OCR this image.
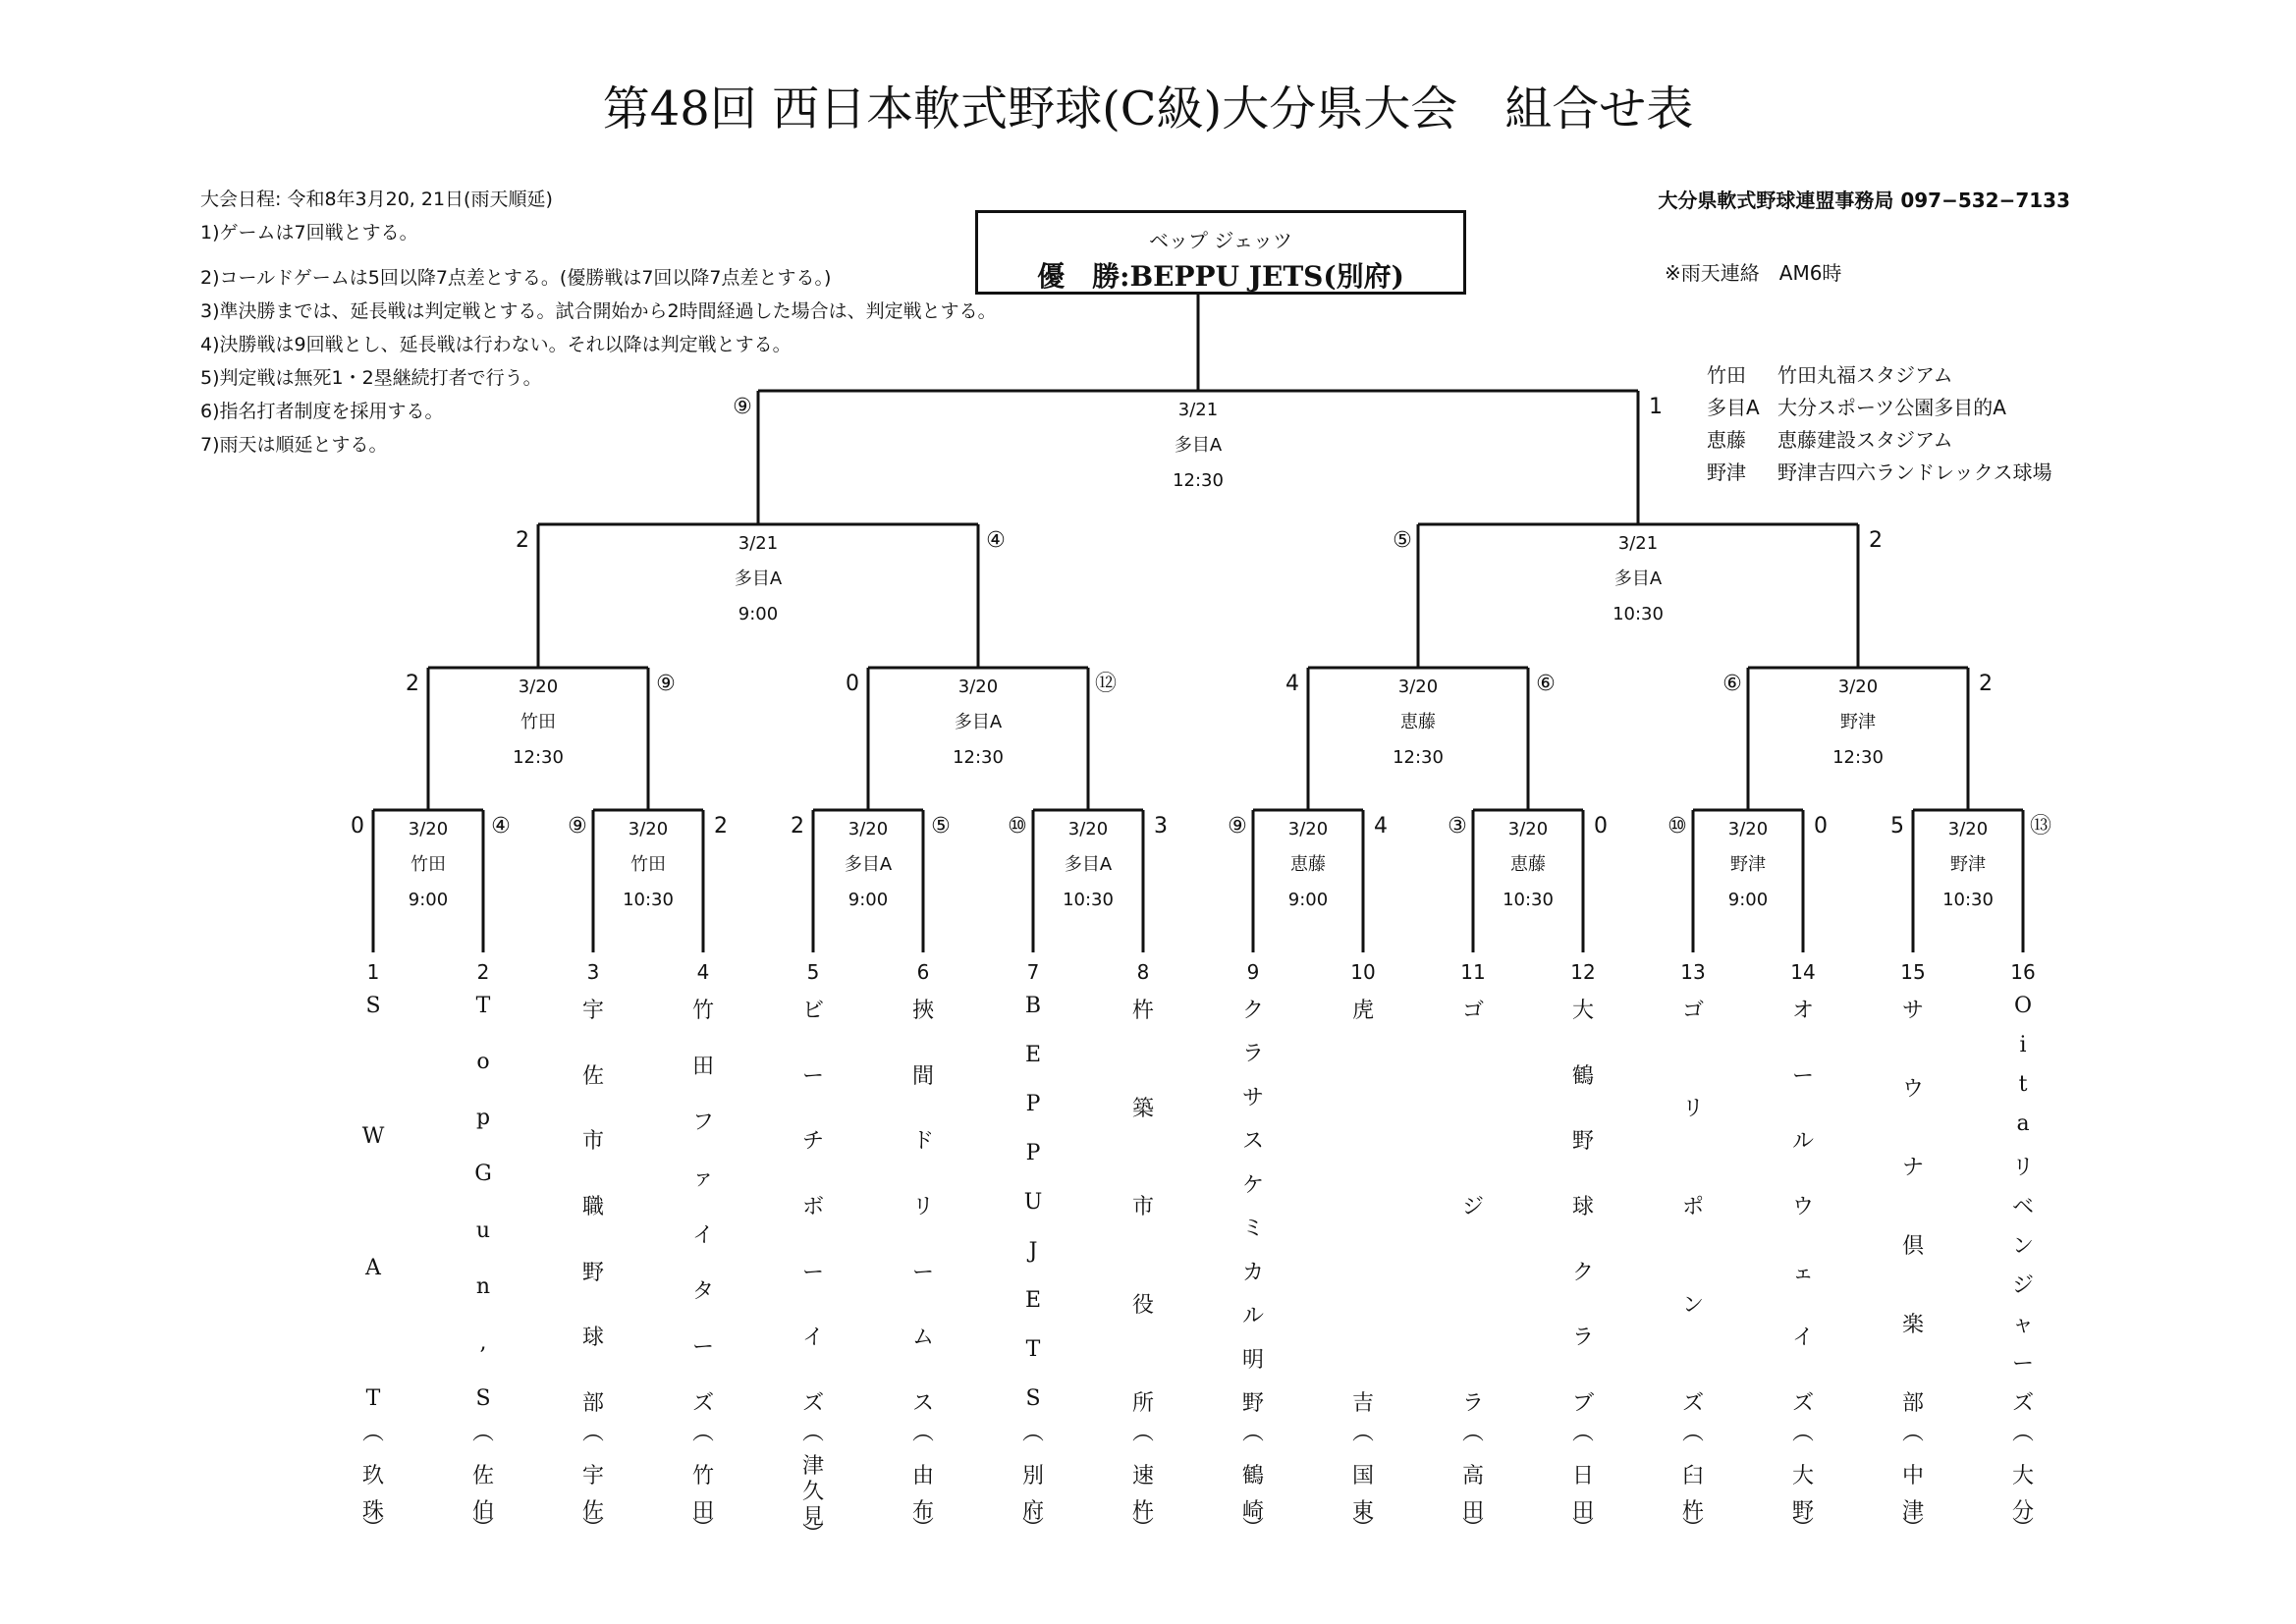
第48回 西日本軟式野球(C級)大分県大会　組合せ表
大会日程: 令和8年3月20, 21日(雨天順延)
1)ゲームは7回戦とする。
2)コールドゲームは5回以降7点差とする。(優勝戦は7回以降7点差とする。)
3)準決勝までは、延長戦は判定戦とする。試合開始から2時間経過した場合は、判定戦とする。
4)決勝戦は9回戦とし、延長戦は行わない。それ以降は判定戦とする。
5)判定戦は無死1・2塁継続打者で行う。
6)指名打者制度を採用する。
7)雨天は順延とする。
大分県軟式野球連盟事務局 097−532−7133
※雨天連絡　AM6時
竹田 竹田丸福スタジアム
多目A 大分スポーツ公園多目的A
恵藤 恵藤建設スタジアム
野津 野津吉四六ランドレックス球場
ベップ ジェッツ
優　勝:BEPPU JETS(別府)
3/20
竹田
9:00
0	④	3/20
竹田
10:30
⑨	2	3/20
多目A
9:00
2	⑤	3/20
多目A
10:30
⑩	3	3/20
恵藤
9:00
⑨	4	3/20
恵藤
10:30
③	0	3/20
野津
9:00
⑩	0	3/20
野津
10:30
5	⑬
3/20
竹田
12:30
2	⑨	3/20
多目A
12:30
0	⑫	3/20
恵藤
12:30
4	⑥	3/20
野津
12:30
⑥	2
3/21
多目A
9:00
2	④	3/21
多目A
10:30
⑤	2
3/21
多目A
12:30
⑨	1
1
S
W
A
T
︵
玖
珠
︶
2
T
o
p
G
u
n
,
S
︵
佐
伯
︶
3
宇
佐
市
職
野
球
部
︵
宇
佐
︶
4
竹
田
フ
ァ
イ
タ
ー
ズ
︵
竹
田
︶
5
ビ
ー
チ
ボ
ー
イ
ズ
︵
津
久
見
︶
6
挾
間
ド
リ
ー
ム
ス
︵
由
布
︶
7
B
E
P
P
U
J
E
T
S
︵
別
府
︶
8
杵
築
市
役
所
︵
速
杵
︶
9
ク
ラ
サ
ス
ケ
ミ
カ
ル
明
野
︵
鶴
崎
︶
10
虎
吉
︵
国
東
︶
11
ゴ
ジ
ラ
︵
高
田
︶
12
大
鶴
野
球
ク
ラ
ブ
︵
日
田
︶
13
ゴ
リ
ポ
ン
ズ
︵
臼
杵
︶
14
オ
ー
ル
ウ
ェ
イ
ズ
︵
大
野
︶
15
サ
ウ
ナ
倶
楽
部
︵
中
津
︶
16
O
i
t
a
リ
ベ
ン
ジ
ャ
ー
ズ
︵
大
分
︶
